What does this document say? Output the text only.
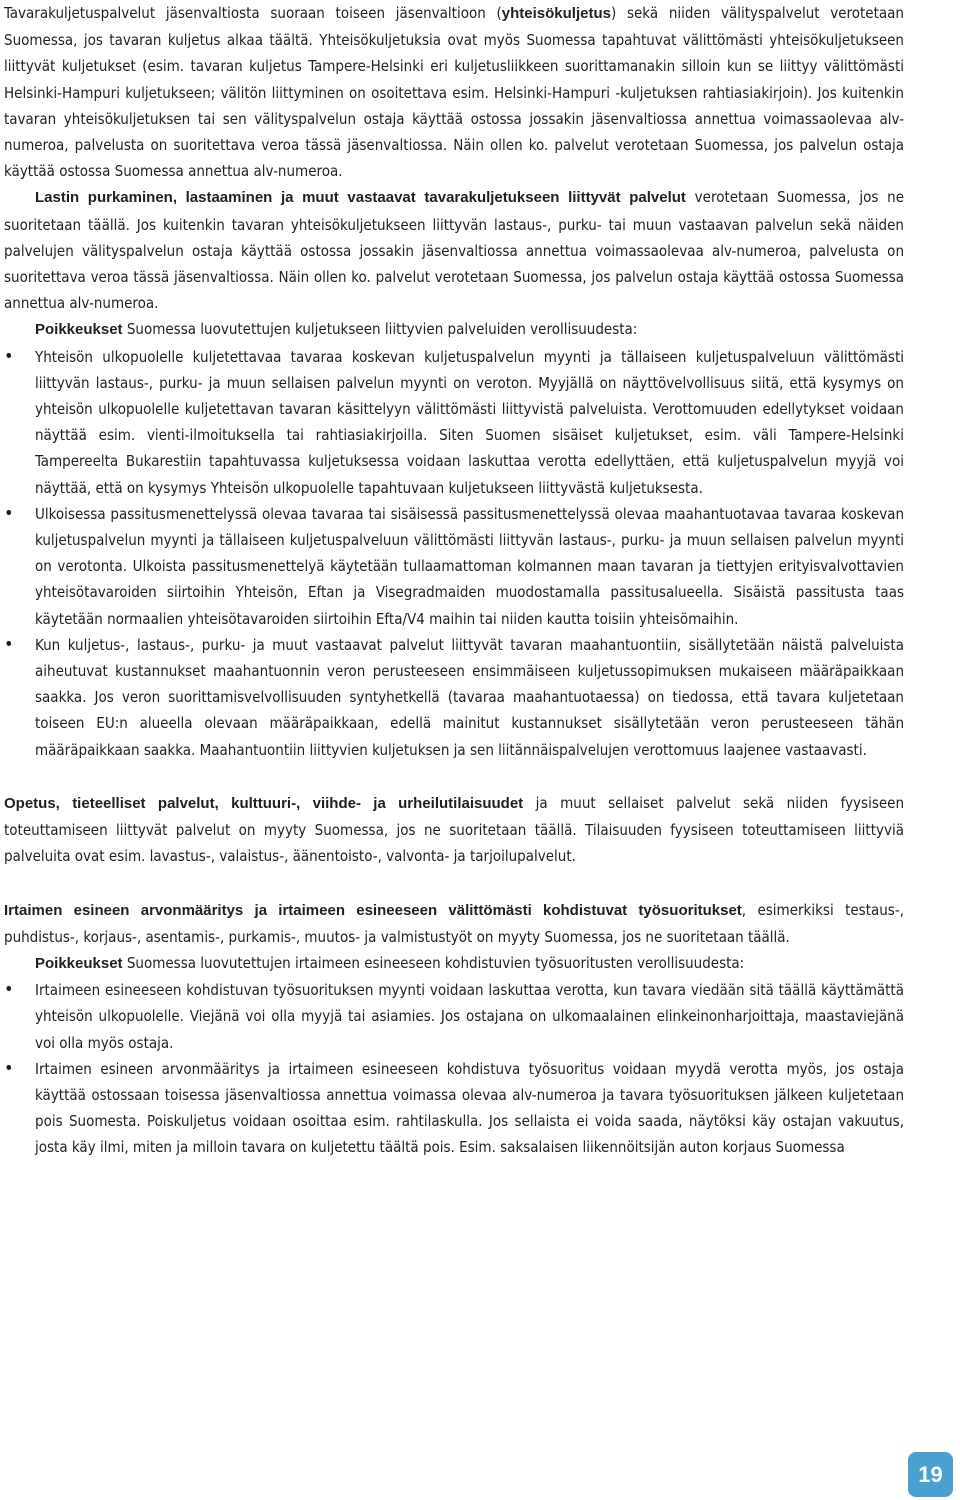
Tavarakuljetuspalvelut jäsenvaltiosta suoraan toiseen jäsenvaltioon (yhteisökuljetus) sekä niiden välityspalvelut verotetaan Suomessa, jos tavaran kuljetus alkaa täältä. Yhteisökuljetuksia ovat myös Suomessa tapahtuvat välittömästi yhteisökuljetukseen liittyvät kuljetukset (esim. tavaran kuljetus Tampere-Helsinki eri kuljetusliikkeen suorittamanakin silloin kun se liittyy välittömästi Helsinki-Hampuri kuljetukseen; välitön liittyminen on osoitettava esim. Helsinki-Hampuri -kuljetuksen rahtiasiakirjoin). Jos kuitenkin tavaran yhteisökuljetuksen tai sen välityspalvelun ostaja käyttää ostossa jossakin jäsenvaltiossa annettua voimassaolevaa alv-numeroa, palvelusta on suoritettava veroa tässä jäsenvaltiossa. Näin ollen ko. palvelut verotetaan Suomessa, jos palvelun ostaja käyttää ostossa Suomessa annettua alv-numeroa.

Lastin purkaminen, lastaaminen ja muut vastaavat tavarakuljetukseen liittyvät palvelut verotetaan Suomessa, jos ne suoritetaan täällä. Jos kuitenkin tavaran yhteisökuljetukseen liittyvän lastaus-, purku- tai muun vastaavan palvelun sekä näiden palvelujen välityspalvelun ostaja käyttää ostossa jossakin jäsenvaltiossa annettua voimassaolevaa alv-numeroa, palvelusta on suoritettava veroa tässä jäsenvaltiossa. Näin ollen ko. palvelut verotetaan Suomessa, jos palvelun ostaja käyttää ostossa Suomessa annettua alv-numeroa.

Poikkeukset Suomessa luovutettujen kuljetukseen liittyvien palveluiden verollisuudesta:

• Yhteisön ulkopuolelle kuljetettavaa tavaraa koskevan kuljetuspalvelun myynti ja tällaiseen kuljetuspalveluun välittömästi liittyvän lastaus-, purku- ja muun sellaisen palvelun myynti on veroton. Myyjällä on näyttövelvollisuus siitä, että kysymys on yhteisön ulkopuolelle kuljetettavan tavaran käsittelyyn välittömästi liittyvistä palveluista. Verottomuuden edellytykset voidaan näyttää esim. vienti-ilmoituksella tai rahtiasiakirjoilla. Siten Suomen sisäiset kuljetukset, esim. väli Tampere-Helsinki Tampereelta Bukarestiin tapahtuvassa kuljetuksessa voidaan laskuttaa verotta edellyttäen, että kuljetuspalvelun myyjä voi näyttää, että on kysymys Yhteisön ulkopuolelle tapahtuvaan kuljetukseen liittyvästä kuljetuksesta.
• Ulkoisessa passitusmenettelyssä olevaa tavaraa tai sisäisessä passitusmenettelyssä olevaa maahantuotavaa tavaraa koskevan kuljetuspalvelun myynti ja tällaiseen kuljetuspalveluun välittömästi liittyvän lastaus-, purku- ja muun sellaisen palvelun myynti on verotonta. Ulkoista passitusmenettelyä käytetään tullaamattoman kolmannen maan tavaran ja tiettyjen erityisvalvottavien yhteisötavaroiden siirtoihin Yhteisön, Eftan ja Visegradmaiden muodostamalla passitusalueella. Sisäistä passitusta taas käytetään normaalien yhteisötavaroiden siirtoihin Efta/V4 maihin tai niiden kautta toisiin yhteisömaihin.
• Kun kuljetus-, lastaus-, purku- ja muut vastaavat palvelut liittyvät tavaran maahantuontiin, sisällytetään näistä palveluista aiheutuvat kustannukset maahantuonnin veron perusteeseen ensimmäiseen kuljetussopimuksen mukaiseen määräpaikkaan saakka. Jos veron suorittamisvelvollisuuden syntyhetkellä (tavaraa maahantuotaessa) on tiedossa, että tavara kuljetetaan toiseen EU:n alueella olevaan määräpaikkaan, edellä mainitut kustannukset sisällytetään veron perusteeseen tähän määräpaikkaan saakka. Maahantuontiin liittyvien kuljetuksen ja sen liitännäispalvelujen verottomuus laajenee vastaavasti.

Opetus, tieteelliset palvelut, kulttuuri-, viihde- ja urheilutilaisuudet ja muut sellaiset palvelut sekä niiden fyysiseen toteuttamiseen liittyvät palvelut on myyty Suomessa, jos ne suoritetaan täällä. Tilaisuuden fyysiseen toteuttamiseen liittyviä palveluita ovat esim. lavastus-, valaistus-, äänentoisto-, valvonta- ja tarjoilupalvelut.

Irtaimen esineen arvonmääritys ja irtaimeen esineeseen välittömästi kohdistuvat työsuoritukset, esimerkiksi testaus-, puhdistus-, korjaus-, asentamis-, purkamis-, muutos- ja valmistustyöt on myyty Suomessa, jos ne suoritetaan täällä.

Poikkeukset Suomessa luovutettujen irtaimeen esineeseen kohdistuvien työsuoritusten verollisuudesta:

• Irtaimeen esineeseen kohdistuvan työsuorituksen myynti voidaan laskuttaa verotta, kun tavara viedään sitä täällä käyttämättä yhteisön ulkopuolelle. Viejänä voi olla myyjä tai asiamies. Jos ostajana on ulkomaalainen elinkeinonharjoittaja, maastaviejänä voi olla myös ostaja.
• Irtaimen esineen arvonmääritys ja irtaimeen esineeseen kohdistuva työsuoritus voidaan myydä verotta myös, jos ostaja käyttää ostossaan toisessa jäsenvaltiossa annettua voimassa olevaa alv-numeroa ja tavara työsuorituksen jälkeen kuljetetaan pois Suomesta. Poiskuljetus voidaan osoittaa esim. rahtilaskulla. Jos sellaista ei voida saada, näytöksi käy ostajan vakuutus, josta käy ilmi, miten ja milloin tavara on kuljetettu täältä pois. Esim. saksalaisen liikennöitsijän auton korjaus Suomessa
19
